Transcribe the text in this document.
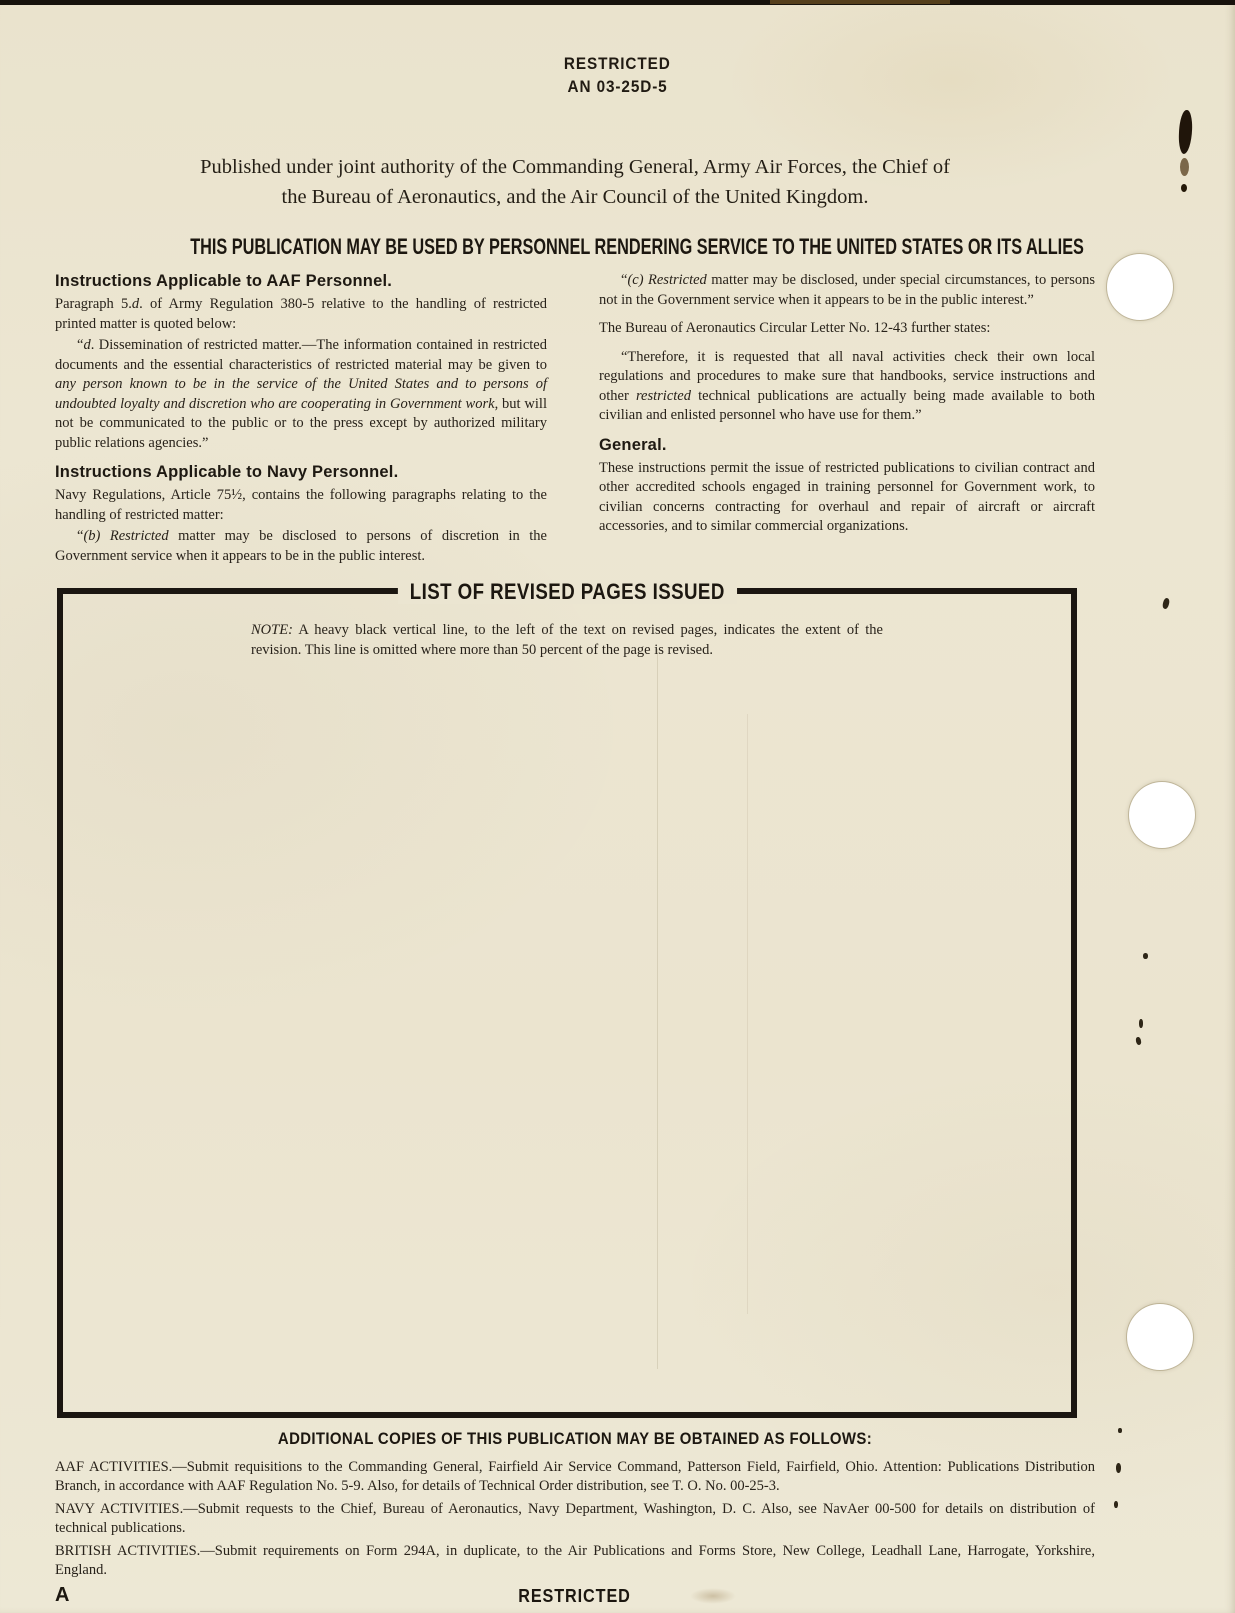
RESTRICTED
AN 03-25D-5

Published under joint authority of the Commanding General, Army Air Forces, the Chief of the Bureau of Aeronautics, and the Air Council of the United Kingdom.

THIS PUBLICATION MAY BE USED BY PERSONNEL RENDERING SERVICE TO THE UNITED STATES OR ITS ALLIES
Instructions Applicable to AAF Personnel.

Paragraph 5.d. of Army Regulation 380-5 relative to the handling of restricted printed matter is quoted below:

“d. Dissemination of restricted matter.—The information contained in restricted documents and the essential characteristics of restricted material may be given to any person known to be in the service of the United States and to persons of undoubted loyalty and discretion who are cooperating in Government work, but will not be communicated to the public or to the press except by authorized military public relations agencies.”

Instructions Applicable to Navy Personnel.

Navy Regulations, Article 75½, contains the following paragraphs relating to the handling of restricted matter:

“(b) Restricted matter may be disclosed to persons of discretion in the Government service when it appears to be in the public interest.

“(c) Restricted matter may be disclosed, under special circumstances, to persons not in the Government service when it appears to be in the public interest.”

The Bureau of Aeronautics Circular Letter No. 12-43 further states:

“Therefore, it is requested that all naval activities check their own local regulations and procedures to make sure that handbooks, service instructions and other restricted technical publications are actually being made available to both civilian and enlisted personnel who have use for them.”

General.

These instructions permit the issue of restricted publications to civilian contract and other accredited schools engaged in training personnel for Government work, to civilian concerns contracting for overhaul and repair of aircraft or aircraft accessories, and to similar commercial organizations.

LIST OF REVISED PAGES ISSUED

NOTE: A heavy black vertical line, to the left of the text on revised pages, indicates the extent of the revision. This line is omitted where more than 50 percent of the page is revised.

ADDITIONAL COPIES OF THIS PUBLICATION MAY BE OBTAINED AS FOLLOWS:

AAF ACTIVITIES.—Submit requisitions to the Commanding General, Fairfield Air Service Command, Patterson Field, Fairfield, Ohio. Attention: Publications Distribution Branch, in accordance with AAF Regulation No. 5-9. Also, for details of Technical Order distribution, see T. O. No. 00-25-3.

NAVY ACTIVITIES.—Submit requests to the Chief, Bureau of Aeronautics, Navy Department, Washington, D. C. Also, see NavAer 00-500 for details on distribution of technical publications.

BRITISH ACTIVITIES.—Submit requirements on Form 294A, in duplicate, to the Air Publications and Forms Store, New College, Leadhall Lane, Harrogate, Yorkshire, England.

A	RESTRICTED
